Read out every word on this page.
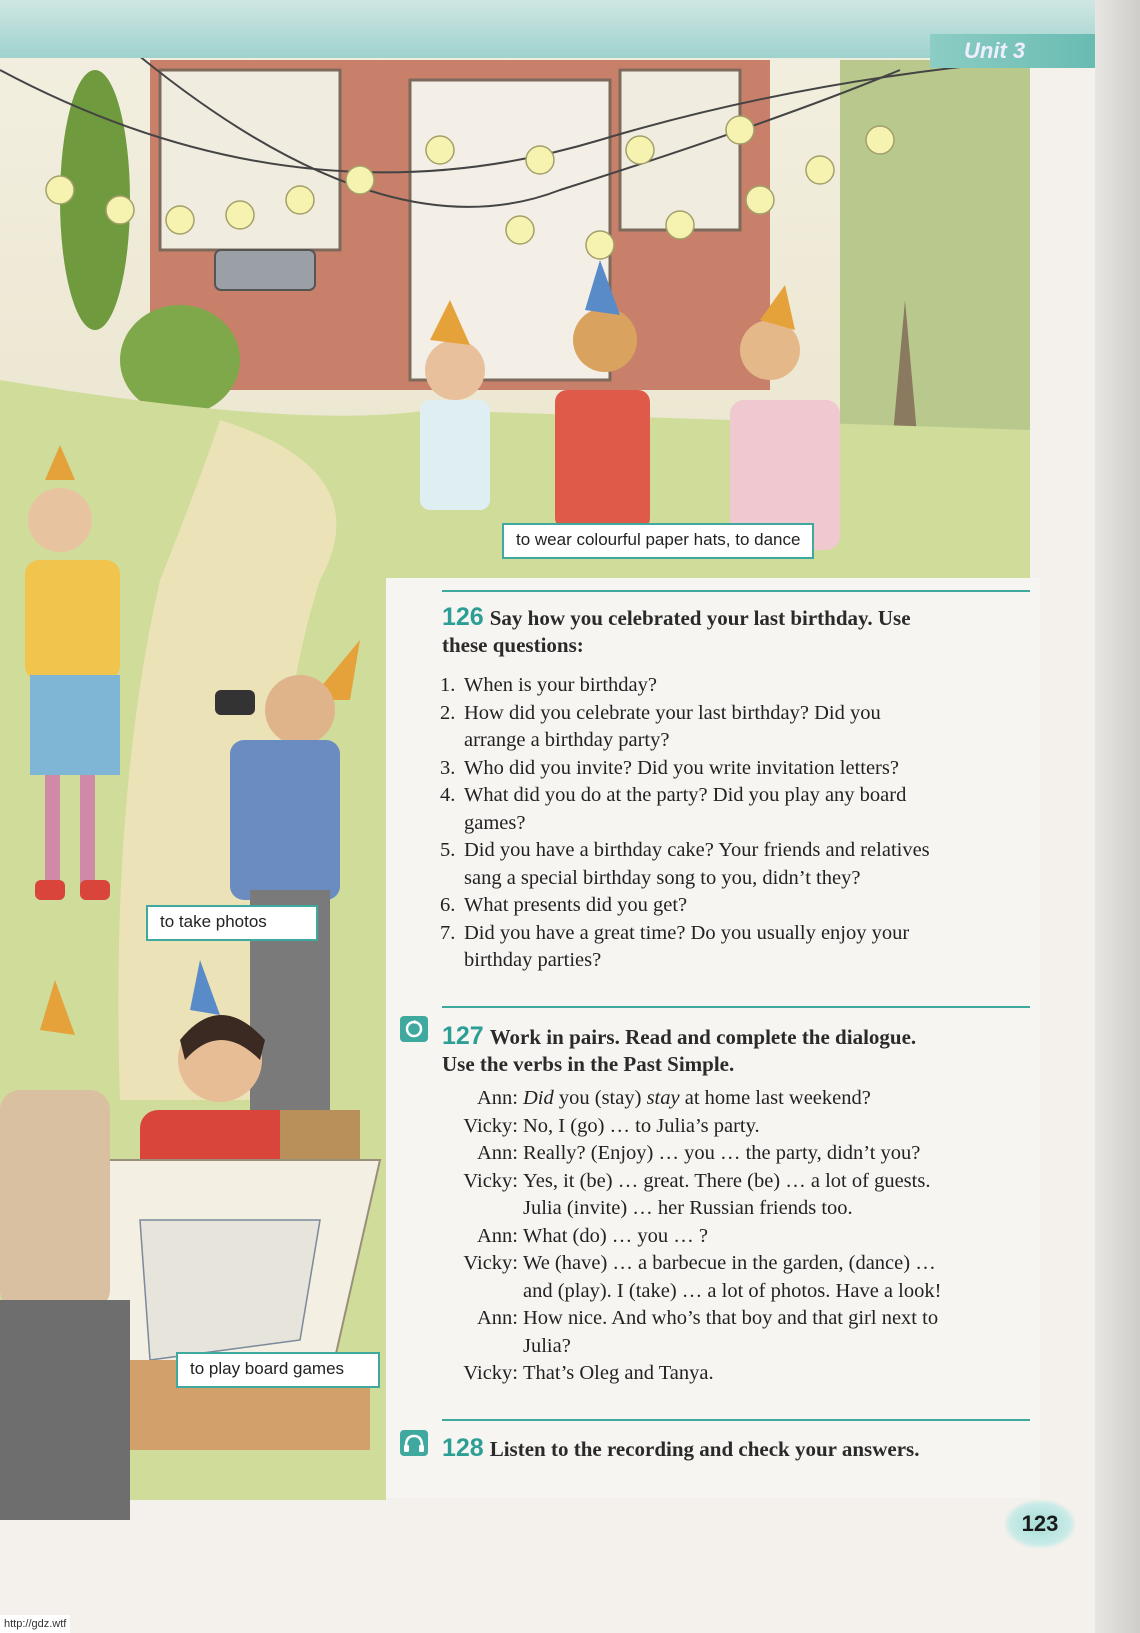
Unit 3
to wear colourful paper hats, to dance
to take photos
to play board games
126 Say how you celebrated your last birthday. Use
these questions:
1. When is your birthday?
2. How did you celebrate your last birthday? Did you
arrange a birthday party?
3. Who did you invite? Did you write invitation letters?
4. What did you do at the party? Did you play any board
games?
5. Did you have a birthday cake? Your friends and relatives
sang a special birthday song to you, didn’t they?
6. What presents did you get?
7. Did you have a great time? Do you usually enjoy your
birthday parties?
127 Work in pairs. Read and complete the dialogue.
Use the verbs in the Past Simple.
Ann: Did you (stay) stay at home last weekend?
Vicky: No, I (go) … to Julia’s party.
Ann: Really? (Enjoy) … you … the party, didn’t you?
Vicky: Yes, it (be) … great. There (be) … a lot of guests.
Julia (invite) … her Russian friends too.
Ann: What (do) … you … ?
Vicky: We (have) … a barbecue in the garden, (dance) …
and (play). I (take) … a lot of photos. Have a look!
Ann: How nice. And who’s that boy and that girl next to
Julia?
Vicky: That’s Oleg and Tanya.
128 Listen to the recording and check your answers.
123
http://gdz.wtf
